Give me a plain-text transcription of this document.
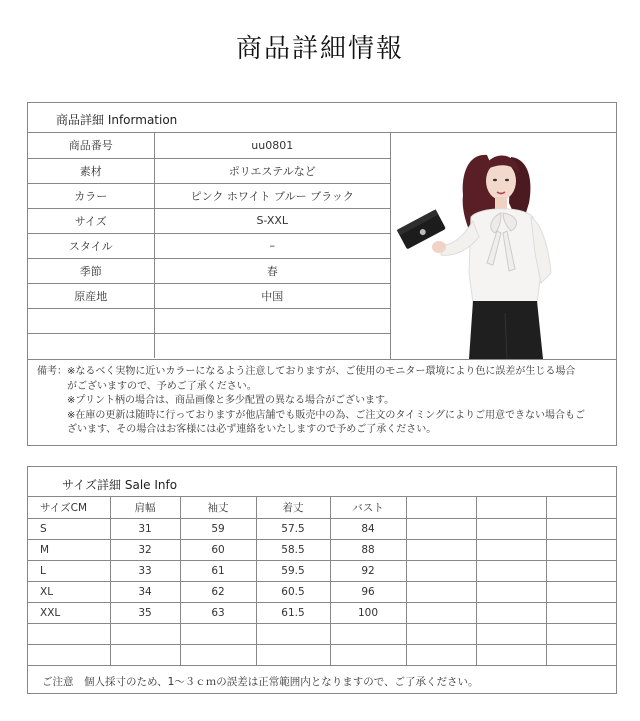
商品詳細情報
商品詳細 Information
商品番号	uu0801
素材	ポリエステルなど
カラー	ピンク ホワイト ブルー ブラック
サイズ	S-XXL
スタイル	–
季節	春
原産地	中国

備考：※なるべく実物に近いカラーになるよう注意しておりますが、ご使用のモニター環境により色に誤差が生じる場合
　　　がございますので、予めご了承ください。
　　　※プリント柄の場合は、商品画像と多少配置の異なる場合がございます。
　　　※在庫の更新は随時に行っておりますが他店舗でも販売中の為、ご注文のタイミングによりご用意できない場合もご
　　　ざいます、その場合はお客様には必ず連絡をいたしますので予めご了承ください。
サイズ詳細 Sale Info
サイズCM	肩幅	袖丈	着丈	バスト			
S	31	59	57.5	84			
M	32	60	58.5	88			
L	33	61	59.5	92			
XL	34	62	60.5	96			
XXL	35	63	61.5	100			

ご注意　個人採寸のため、1～３ｃｍの誤差は正常範囲内となりますので、ご了承ください。
